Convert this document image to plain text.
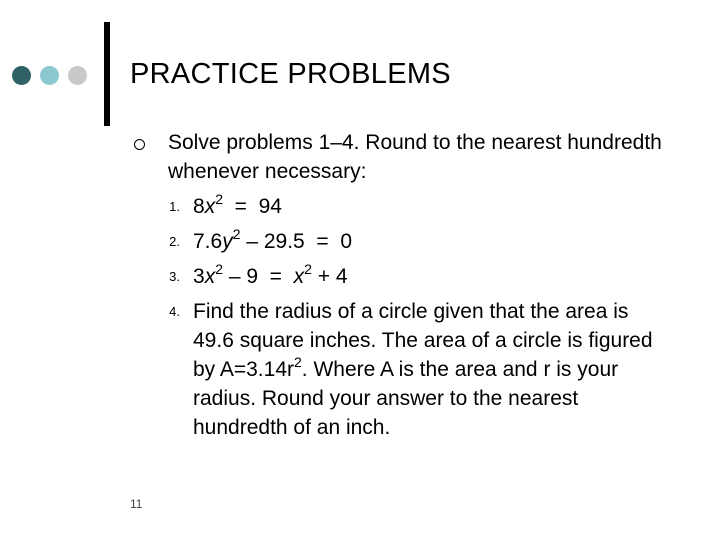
PRACTICE PROBLEMS
Solve problems 1–4. Round to the nearest hundredth whenever necessary:
1. $8x^2 = 94$
2. $7.6y^2 - 29.5 = 0$
3. $3x^2 - 9 = x^2 + 4$
4. Find the radius of a circle given that the area is 49.6 square inches. The area of a circle is figured by $A=3.14r^2$. Where A is the area and r is your radius. Round your answer to the nearest hundredth of an inch.
11
